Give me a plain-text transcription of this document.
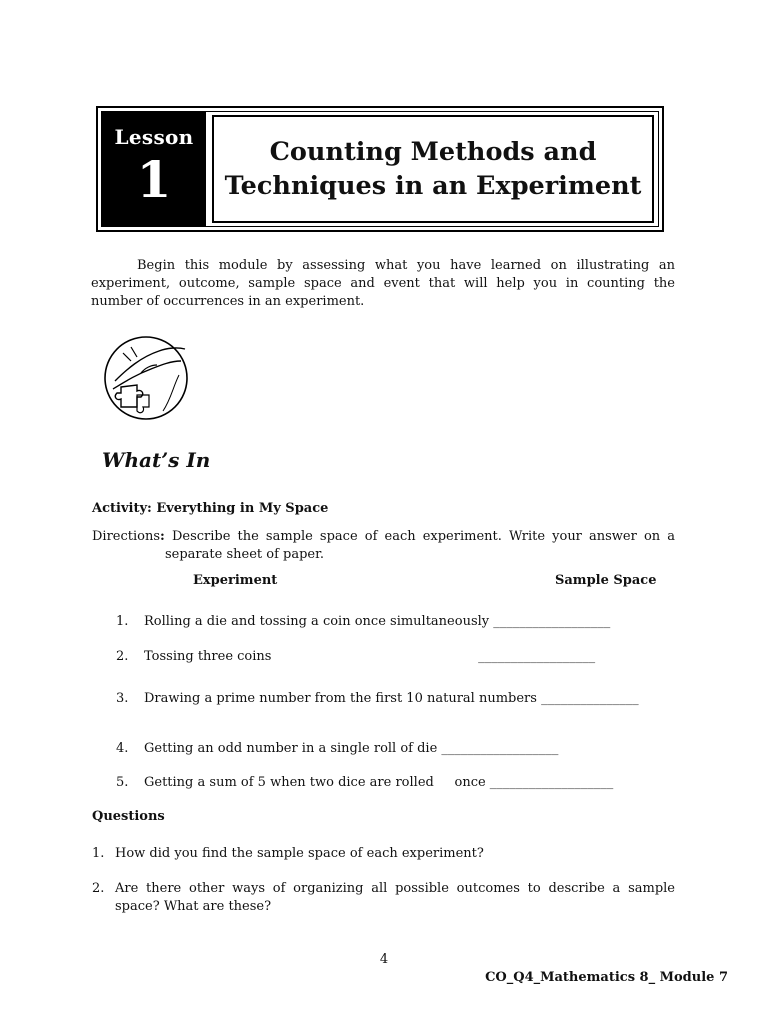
Lesson
1	Counting Methods and
Techniques in an Experiment

Begin this module by assessing what you have learned on illustrating an experiment, outcome, sample space and event that will help you in counting the number of occurrences in an experiment.

What’s In
Activity: Everything in My Space
Directions: Describe the sample space of each experiment. Write your answer on a
separate sheet of paper.
Experiment	Sample Space
1. Rolling a die and tossing a coin once simultaneously __________________
2. Tossing three coins                                                  __________________
3. Drawing a prime number from the first 10 natural numbers _______________
4. Getting an odd number in a single roll of die __________________
5. Getting a sum of 5 when two dice are rolled     once ___________________
Questions
1. How did you find the sample space of each experiment?
2. Are there other ways of organizing all possible outcomes to describe a sample space? What are these?
4
CO_Q4_Mathematics 8_ Module 7
